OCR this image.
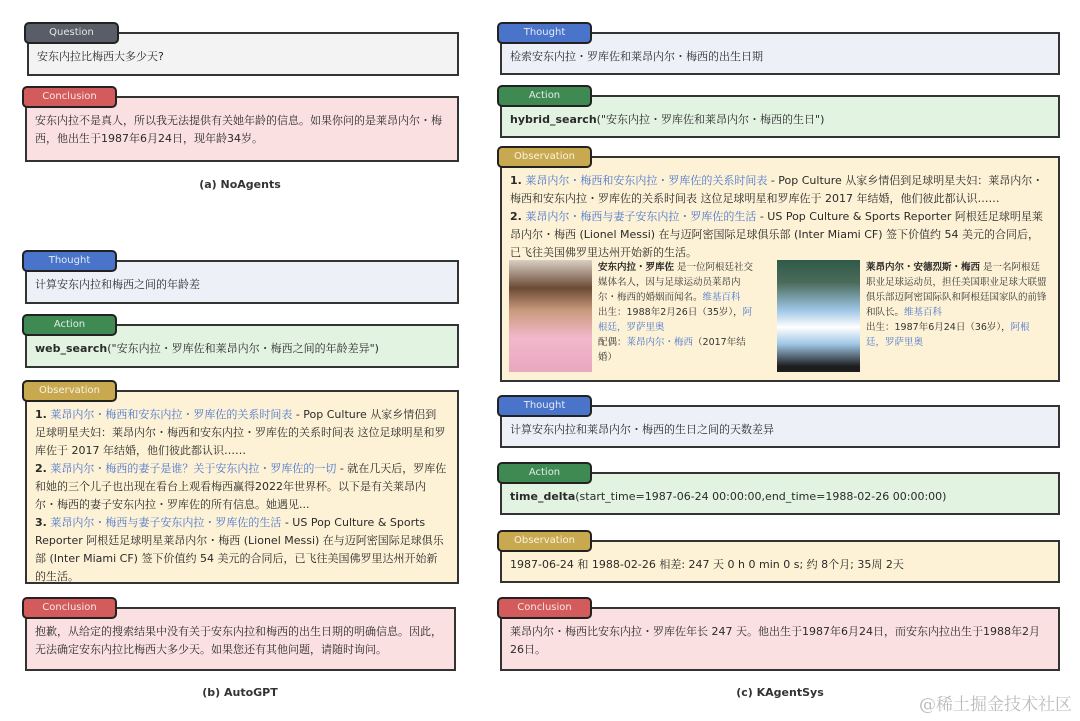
Question
安东内拉比梅西大多少天?
Conclusion
安东内拉不是真人，所以我无法提供有关她年龄的信息。如果你问的是莱昂内尔・梅西，他出生于1987年6月24日，现年龄34岁。
(a) NoAgents
Thought
计算安东内拉和梅西之间的年龄差
Action
web_search("安东内拉・罗库佐和莱昂内尔・梅西之间的年龄差异")
Observation
1. 莱昂内尔・梅西和安东内拉・罗库佐的关系时间表 - Pop Culture 从家乡情侣到足球明星夫妇：莱昂内尔・梅西和安东内拉・罗库佐的关系时间表 这位足球明星和罗库佐于 2017 年结婚，他们彼此都认识……
2. 莱昂内尔・梅西的妻子是谁？关于安东内拉・罗库佐的一切 - 就在几天后，罗库佐和她的三个儿子也出现在看台上观看梅西赢得2022年世界杯。以下是有关莱昂内尔・梅西的妻子安东内拉・罗库佐的所有信息。她遇见...
3. 莱昂内尔・梅西与妻子安东内拉・罗库佐的生活 - US Pop Culture & Sports Reporter 阿根廷足球明星莱昂内尔・梅西 (Lionel Messi) 在与迈阿密国际足球俱乐部 (Inter Miami CF) 签下价值约 54 美元的合同后，已飞往美国佛罗里达州开始新的生活。
Conclusion
抱歉，从给定的搜索结果中没有关于安东内拉和梅西的出生日期的明确信息。因此，无法确定安东内拉比梅西大多少天。如果您还有其他问题，请随时询问。
(b) AutoGPT
Thought
检索安东内拉・罗库佐和莱昂内尔・梅西的出生日期
Action
hybrid_search("安东内拉・罗库佐和莱昂内尔・梅西的生日")
Observation
1. 莱昂内尔・梅西和安东内拉・罗库佐的关系时间表 - Pop Culture 从家乡情侣到足球明星夫妇：莱昂内尔・梅西和安东内拉・罗库佐的关系时间表 这位足球明星和罗库佐于 2017 年结婚，他们彼此都认识……
2. 莱昂内尔・梅西与妻子安东内拉・罗库佐的生活 - US Pop Culture & Sports Reporter 阿根廷足球明星莱昂内尔・梅西 (Lionel Messi) 在与迈阿密国际足球俱乐部 (Inter Miami CF) 签下价值约 54 美元的合同后，已飞往美国佛罗里达州开始新的生活。
安东内拉・罗库佐 是一位阿根廷社交媒体名人，因与足球运动员莱昂内尔・梅西的婚姻而闻名。维基百科
出生：1988年2月26日（35岁），阿根廷，罗萨里奥
配偶：莱昂内尔・梅西（2017年结婚）
莱昂内尔・安德烈斯・梅西 是一名阿根廷职业足球运动员，担任美国职业足球大联盟俱乐部迈阿密国际队和阿根廷国家队的前锋和队长。维基百科
出生：1987年6月24日（36岁），阿根廷，罗萨里奥
Thought
计算安东内拉和莱昂内尔・梅西的生日之间的天数差异
Action
time_delta(start_time=1987-06-24 00:00:00,end_time=1988-02-26 00:00:00)
Observation
1987-06-24 和 1988-02-26 相差: 247 天 0 h 0 min 0 s; 约 8个月; 35周 2天
Conclusion
莱昂内尔・梅西比安东内拉・罗库佐年长 247 天。他出生于1987年6月24日，而安东内拉出生于1988年2月26日。
(c) KAgentSys
@稀土掘金技术社区
